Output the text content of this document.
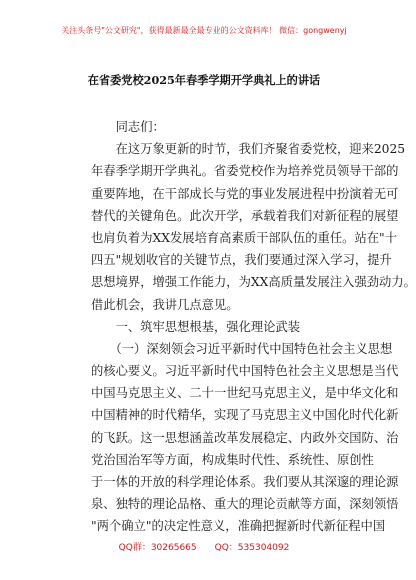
关注头条号"公文研究"，获得最新最全最专业的公文资料库！ 微信：gongwenyj
在省委党校2025年春季学期开学典礼上的讲话
　　同志们：
　　在这万象更新的时节，我们齐聚省委党校，迎来2025
年春季学期开学典礼。省委党校作为培养党员领导干部的
重要阵地，在干部成长与党的事业发展进程中扮演着无可
替代的关键角色。此次开学，承载着我们对新征程的展望
也肩负着为XX发展培育高素质干部队伍的重任。站在"十
四五"规划收官的关键节点，我们要通过深入学习，提升
思想境界，增强工作能力，为XX高质量发展注入强劲动力。
借此机会，我讲几点意见。
　　一、筑牢思想根基，强化理论武装
　　（一）深刻领会习近平新时代中国特色社会主义思想
的核心要义。习近平新时代中国特色社会主义思想是当代
中国马克思主义、二十一世纪马克思主义，是中华文化和
中国精神的时代精华，实现了马克思主义中国化时代化新
的飞跃。这一思想涵盖改革发展稳定、内政外交国防、治
党治国治军等方面，构成集时代性、系统性、原创性
于一体的开放的科学理论体系。我们要从其深邃的理论源
泉、独特的理论品格、重大的理论贡献等方面，深刻领悟
"两个确立"的决定性意义，准确把握新时代新征程中国
QQ群：30265665　　QQ：535304092
